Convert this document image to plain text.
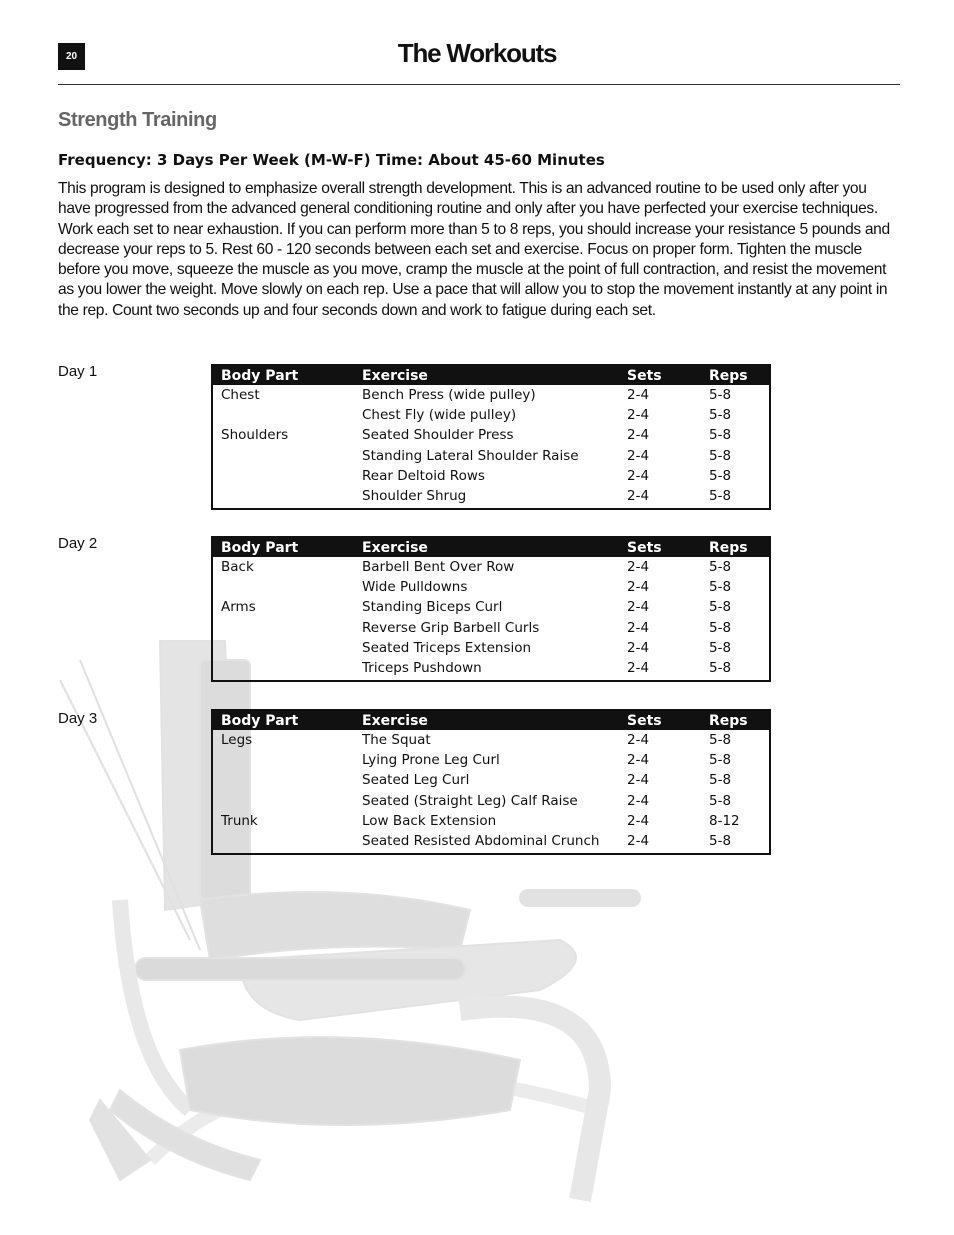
20	The Workouts
Strength Training
Frequency: 3 Days Per Week (M-W-F) Time: About 45-60 Minutes

This program is designed to emphasize overall strength development. This is an advanced routine to be used only after you have progressed from the advanced general conditioning routine and only after you have perfected your exercise techniques. Work each set to near exhaustion. If you can perform more than 5 to 8 reps, you should increase your resistance 5 pounds and decrease your reps to 5. Rest 60 - 120 seconds between each set and exercise. Focus on proper form. Tighten the muscle before you move, squeeze the muscle as you move, cramp the muscle at the point of full contraction, and resist the movement as you lower the weight. Move slowly on each rep. Use a pace that will allow you to stop the movement instantly at any point in the rep. Count two seconds up and four seconds down and work to fatigue during each set.

Day 1	Body Part	Exercise	Sets	Reps
Chest	Bench Press (wide pulley)	2-4	5-8
	Chest Fly (wide pulley)	2-4	5-8
Shoulders	Seated Shoulder Press	2-4	5-8
	Standing Lateral Shoulder Raise	2-4	5-8
	Rear Deltoid Rows	2-4	5-8
	Shoulder Shrug	2-4	5-8
Day 2	Body Part	Exercise	Sets	Reps
Back	Barbell Bent Over Row	2-4	5-8
	Wide Pulldowns	2-4	5-8
Arms	Standing Biceps Curl	2-4	5-8
	Reverse Grip Barbell Curls	2-4	5-8
	Seated Triceps Extension	2-4	5-8
	Triceps Pushdown	2-4	5-8
Day 3	Body Part	Exercise	Sets	Reps
Legs	The Squat	2-4	5-8
	Lying Prone Leg Curl	2-4	5-8
	Seated Leg Curl	2-4	5-8
	Seated (Straight Leg) Calf Raise	2-4	5-8
Trunk	Low Back Extension	2-4	8-12
	Seated Resisted Abdominal Crunch	2-4	5-8
